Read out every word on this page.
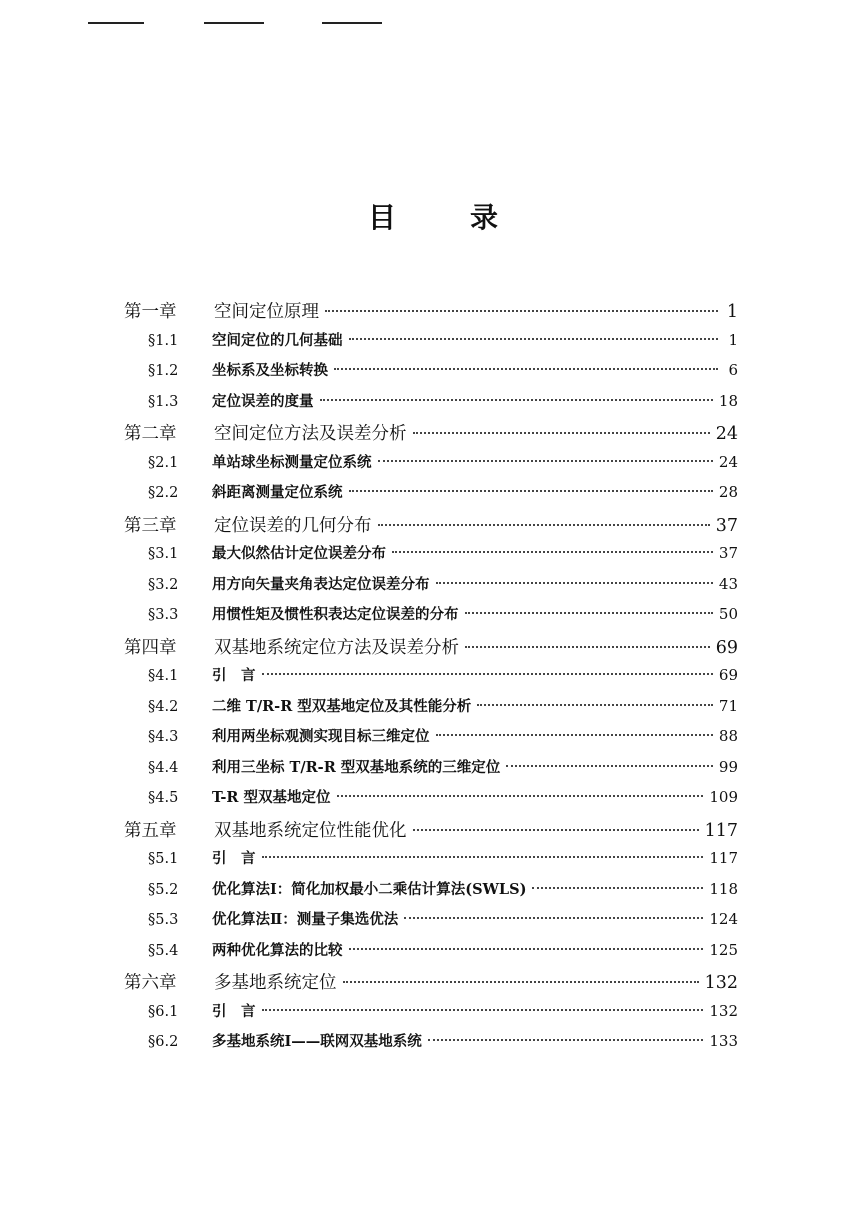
目	录
第一章	空间定位原理	1
§1.1	空间定位的几何基础	1
§1.2	坐标系及坐标转换	6
§1.3	定位误差的度量	18
第二章	空间定位方法及误差分析	24
§2.1	单站球坐标测量定位系统	24
§2.2	斜距离测量定位系统	28
第三章	定位误差的几何分布	37
§3.1	最大似然估计定位误差分布	37
§3.2	用方向矢量夹角表达定位误差分布	43
§3.3	用惯性矩及惯性积表达定位误差的分布	50
第四章	双基地系统定位方法及误差分析	69
§4.1	引　言	69
§4.2	二维 T/R-R 型双基地定位及其性能分析	71
§4.3	利用两坐标观测实现目标三维定位	88
§4.4	利用三坐标 T/R-R 型双基地系统的三维定位	99
§4.5	T-R 型双基地定位	109
第五章	双基地系统定位性能优化	117
§5.1	引　言	117
§5.2	优化算法Ⅰ：简化加权最小二乘估计算法(SWLS)	118
§5.3	优化算法Ⅱ：测量子集选优法	124
§5.4	两种优化算法的比较	125
第六章	多基地系统定位	132
§6.1	引　言	132
§6.2	多基地系统Ⅰ——联网双基地系统	133
